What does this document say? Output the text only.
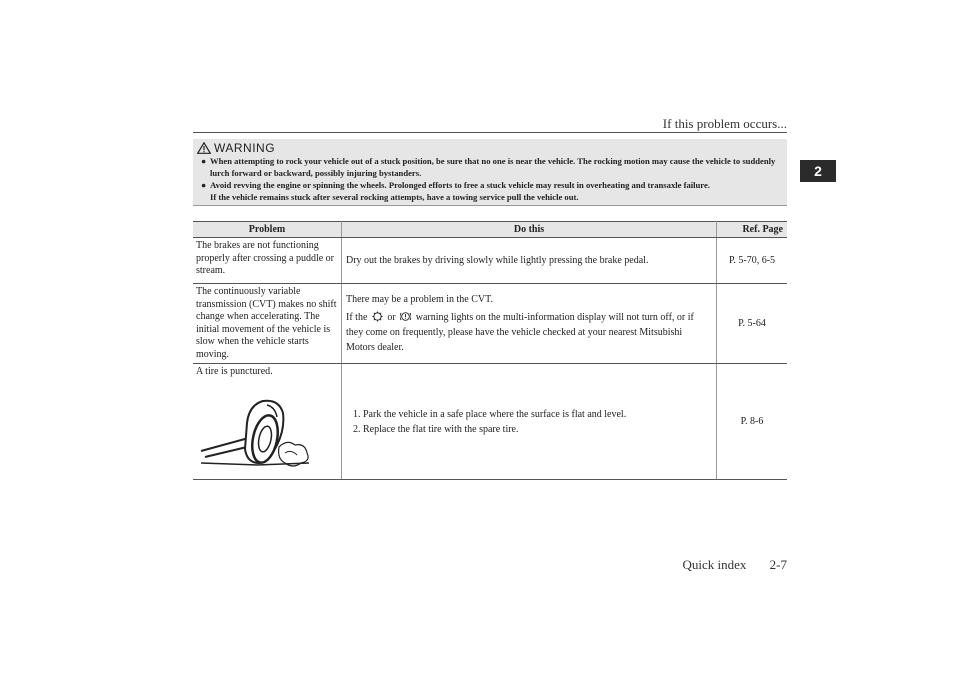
If this problem occurs...
2
WARNING
● When attempting to rock your vehicle out of a stuck position, be sure that no one is near the vehicle. The rocking motion may cause the vehicle to suddenly lurch forward or backward, possibly injuring bystanders.
● Avoid revving the engine or spinning the wheels. Prolonged efforts to free a stuck vehicle may result in overheating and transaxle failure.
If the vehicle remains stuck after several rocking attempts, have a towing service pull the vehicle out.
Problem	Do this	Ref. Page

The brakes are not functioning properly after crossing a puddle or stream.	Dry out the brakes by driving slowly while lightly pressing the brake pedal.	P. 5-70, 6-5

The continuously variable transmission (CVT) makes no shift change when accelerating. The initial movement of the vehicle is slow when the vehicle starts moving.	There may be a problem in the CVT.
If the or warning lights on the multi-information display will not turn off, or if they come on frequently, please have the vehicle checked at your nearest Mitsubishi Motors dealer.	P. 5-64

A tire is punctured.	1. Park the vehicle in a safe place where the surface is flat and level.
2. Replace the flat tire with the spare tire.	P. 8-6
Quick index 2-7
